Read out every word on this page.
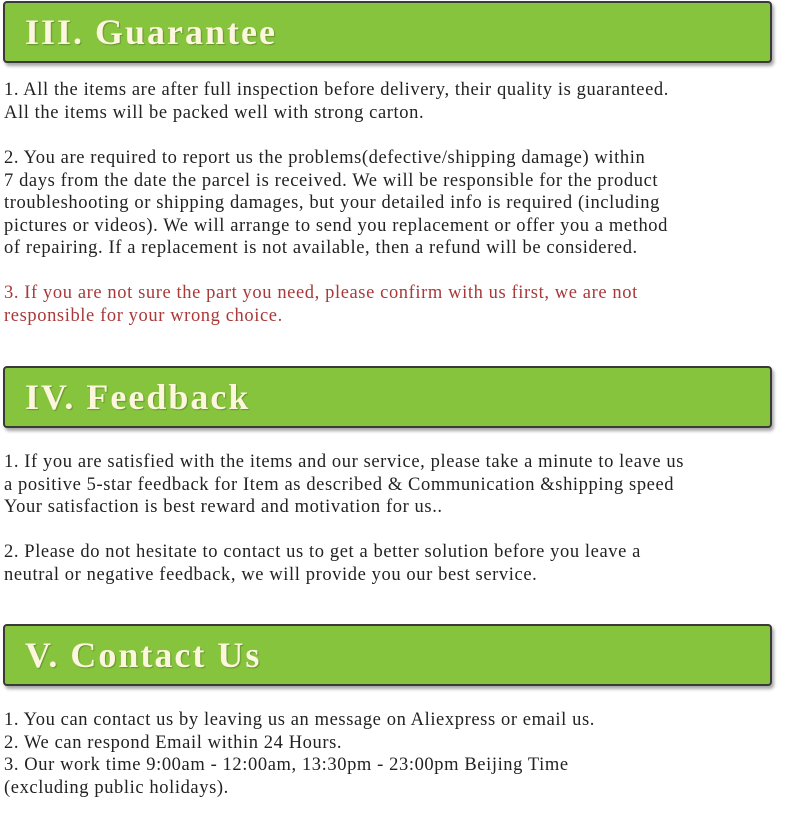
III. Guarantee

1. All the items are after full inspection before delivery, their quality is guaranteed.
All the items will be packed well with strong carton.

2. You are required to report us the problems(defective/shipping damage) within
7 days from the date the parcel is received. We will be responsible for the product
troubleshooting or shipping damages, but your detailed info is required (including
pictures or videos). We will arrange to send you replacement or offer you a method
of repairing. If a replacement is not available, then a refund will be considered.

3. If you are not sure the part you need, please confirm with us first, we are not
responsible for your wrong choice.

IV. Feedback

1. If you are satisfied with the items and our service, please take a minute to leave us
a positive 5-star feedback for Item as described & Communication &shipping speed
Your satisfaction is best reward and motivation for us..

2. Please do not hesitate to contact us to get a better solution before you leave a
neutral or negative feedback, we will provide you our best service.

V. Contact Us

1. You can contact us by leaving us an message on Aliexpress or email us.
2. We can respond Email within 24 Hours.
3. Our work time 9:00am - 12:00am, 13:30pm - 23:00pm Beijing Time
(excluding public holidays).
